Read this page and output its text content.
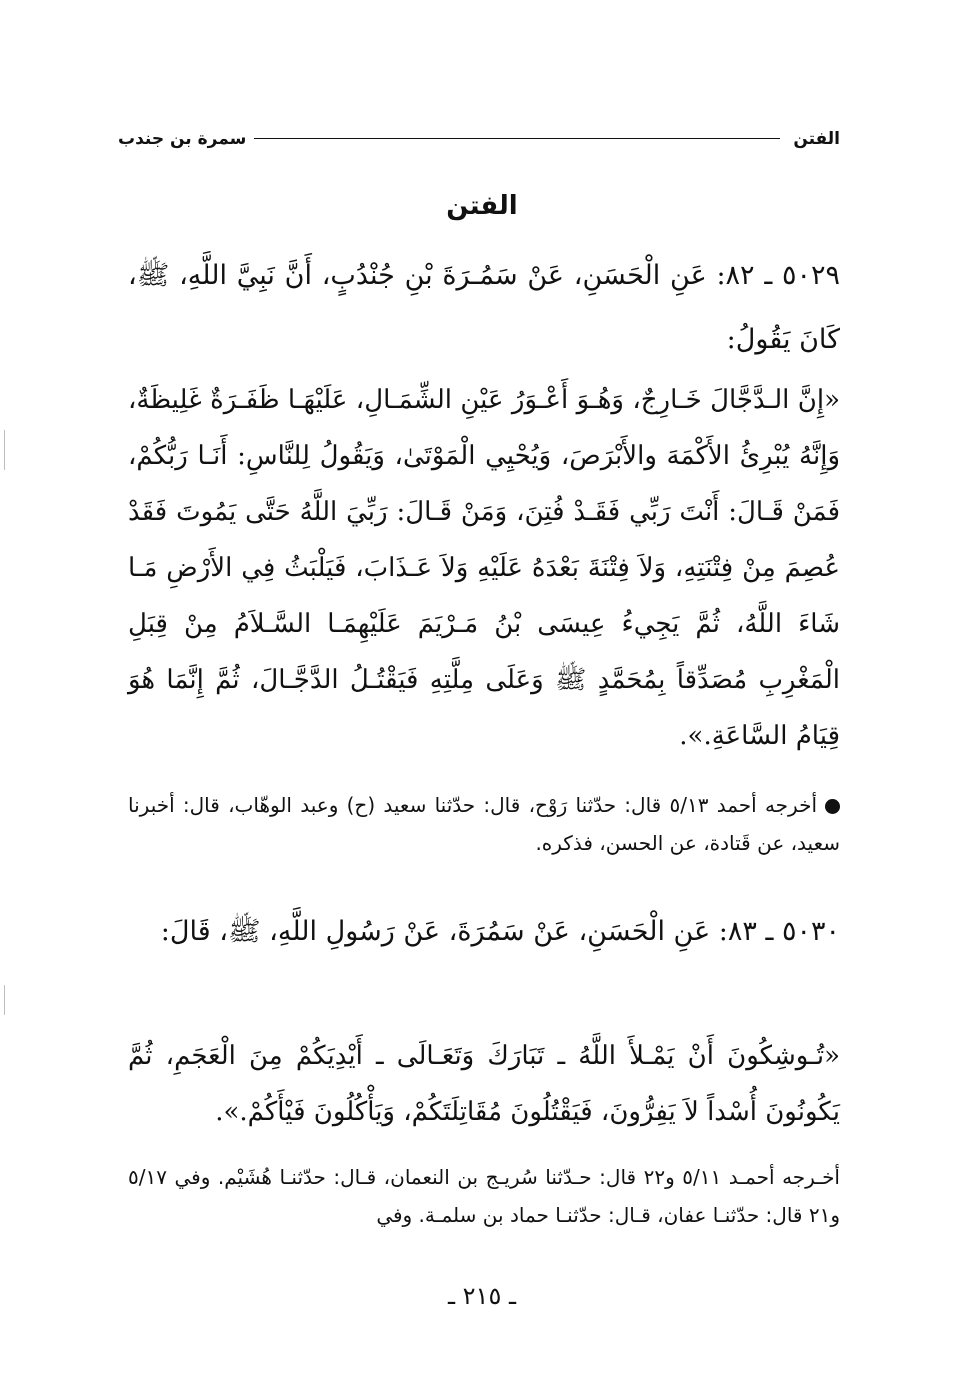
الفتن
سمرة بن جندب
الفتن
٥٠٢٩ ـ ٨٢: عَنِ الْحَسَنِ، عَنْ سَمُـرَةَ بْنِ جُنْدُبٍ، أَنَّ نَبِيَّ اللَّهِ، ﷺ، كَانَ يَقُولُ:
«إِنَّ الـدَّجَّالَ خَـارِجٌ، وَهُـوَ أَعْـوَرُ عَيْنِ الشِّمَـالِ، عَلَيْهَـا ظَفَـرَةٌ غَلِيظَةٌ، وَإِنَّهُ يُبْرِئُ الأَكْمَهَ والأَبْرَصَ، وَيُحْيِي الْمَوْتَىٰ، وَيَقُولُ لِلنَّاسِ: أَنَـا رَبُّكُمْ، فَمَنْ قَـالَ: أَنْتَ رَبِّي فَقَـدْ فُتِنَ، وَمَنْ قَـالَ: رَبِّيَ اللَّهُ حَتَّى يَمُوتَ فَقَدْ عُصِمَ مِنْ فِتْنَتِهِ، وَلاَ فِتْنَةَ بَعْدَهُ عَلَيْهِ وَلاَ عَـذَابَ، فَيَلْبَثُ فِي الأَرْضِ مَـا شَاءَ اللَّهُ، ثُمَّ يَجِيءُ عِيسَى بْنُ مَـرْيَمَ عَلَيْهِمَـا السَّـلاَمُ مِنْ قِبَلِ الْمَغْرِبِ مُصَدِّقاً بِمُحَمَّدٍ ﷺ وَعَلَى مِلَّتِهِ فَيَقْتُـلُ الدَّجَّـالَ، ثُمَّ إِنَّمَا هُوَ قِيَامُ السَّاعَةِ.».
أخرجه أحمد ٥/١٣ قال: حدّثنا رَوْح، قال: حدّثنا سعيد (ح) وعبد الوهّاب، قال: أخبرنا سعيد، عن قَتادة، عن الحسن، فذكره.
٥٠٣٠ ـ ٨٣: عَنِ الْحَسَنِ، عَنْ سَمُرَةَ، عَنْ رَسُولِ اللَّهِ، ﷺ، قَالَ:
«تُـوشِكُونَ أَنْ يَمْـلأَ اللَّهُ ـ تَبَارَكَ وَتَعَـالَى ـ أَيْدِيَكُمْ مِنَ الْعَجَمِ، ثُمَّ يَكُونُونَ أُسْداً لاَ يَفِرُّونَ، فَيَقْتُلُونَ مُقَاتِلَتَكُمْ، وَيَأْكُلُونَ فَيْأَكُمْ.».
أخـرجه أحمـد ٥/١١ و٢٢ قال: حـدّثنا سُريـج بن النعمان، قـال: حدّثنـا هُشَيْم. وفي ٥/١٧ و٢١ قال: حدّثنـا عفان، قـال: حدّثنـا حماد بن سلمـة. وفي
ـ ٢١٥ ـ
